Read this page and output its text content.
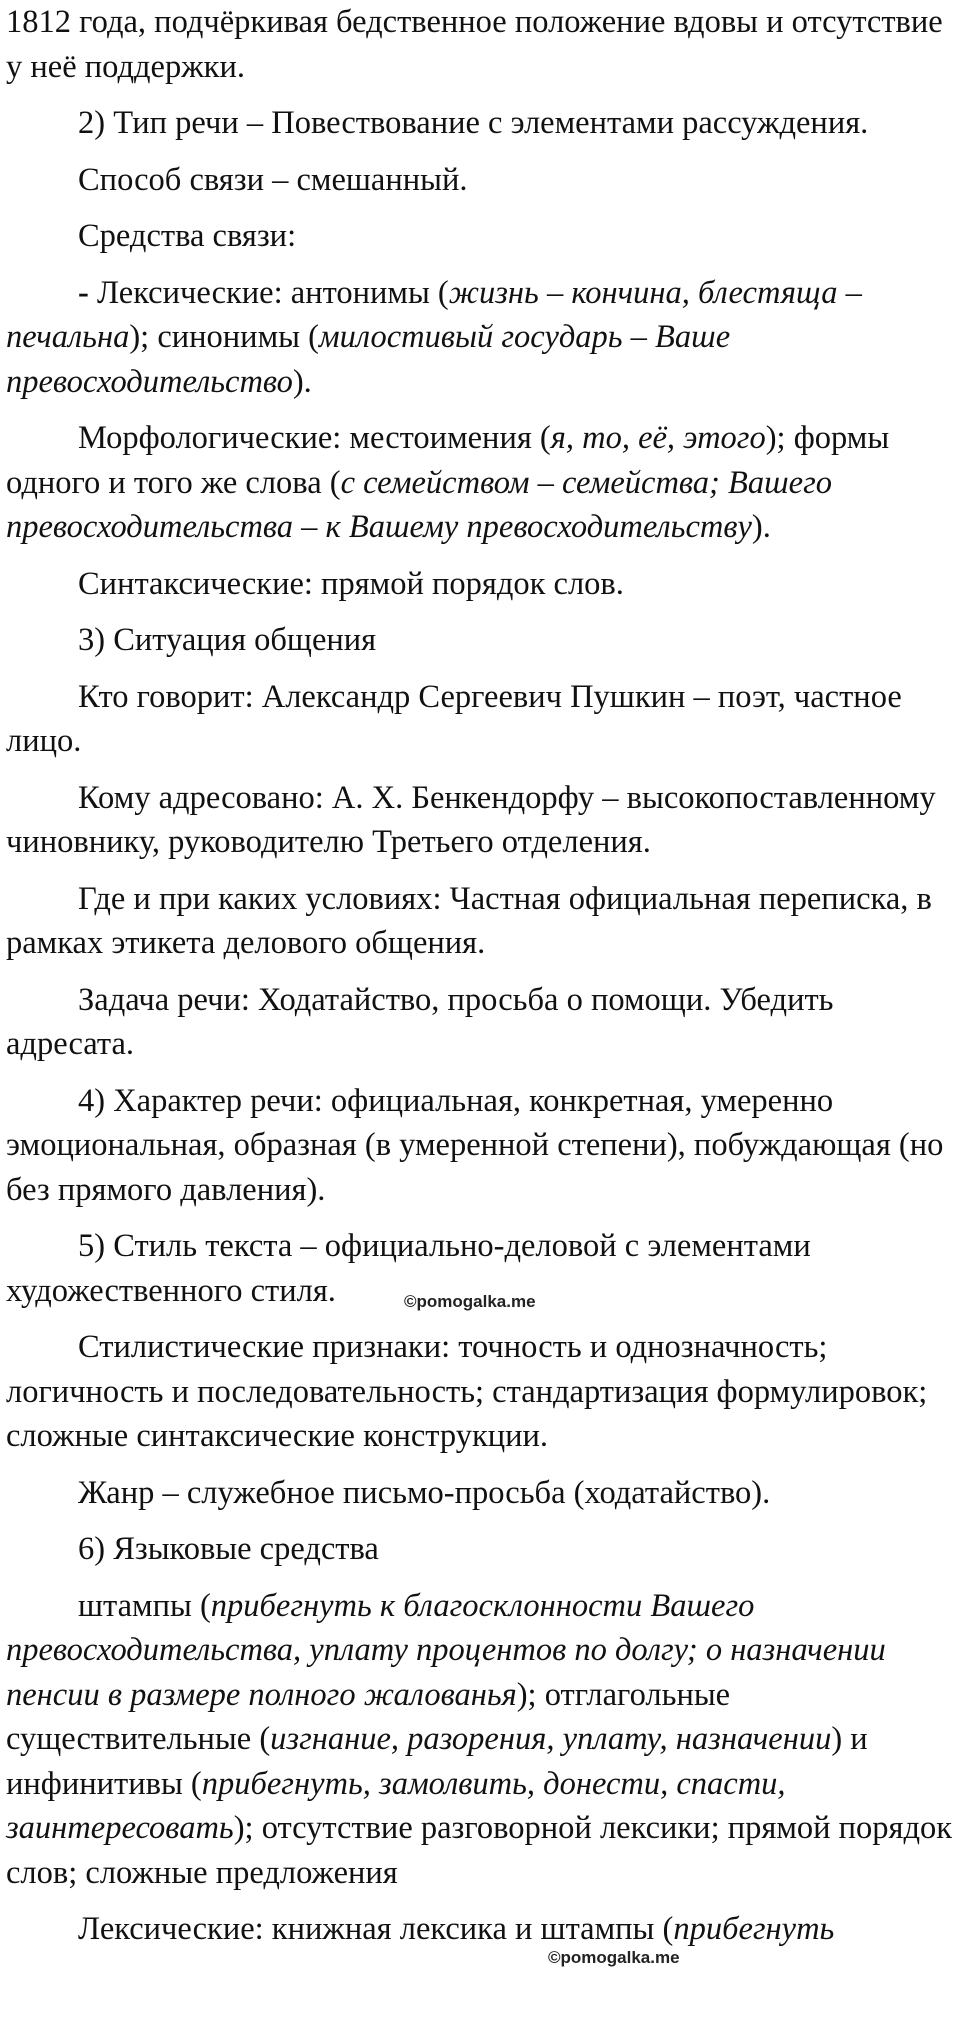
1812 года, подчёркивая бедственное положение вдовы и отсутствие у неё поддержки.

2) Тип речи – Повествование с элементами рассуждения.

Способ связи – смешанный.

Средства связи:

- Лексические: антонимы (жизнь – кончина, блестяща – печальна); синонимы (милостивый государь – Ваше превосходительство).

Морфологические: местоимения (я, то, её, этого); формы одного и того же слова (с семейством – семейства; Вашего превосходительства – к Вашему превосходительству).

Синтаксические: прямой порядок слов.

3) Ситуация общения

Кто говорит: Александр Сергеевич Пушкин – поэт, частное лицо.

Кому адресовано: А. Х. Бенкендорфу – высокопоставленному чиновнику, руководителю Третьего отделения.

Где и при каких условиях: Частная официальная переписка, в рамках этикета делового общения.

Задача речи: Ходатайство, просьба о помощи. Убедить адресата.

4) Характер речи: официальная, конкретная, умеренно эмоциональная, образная (в умеренной степени), побуждающая (но без прямого давления).

5) Стиль текста – официально-деловой с элементами художественного стиля.

Стилистические признаки: точность и однозначность; логичность и последовательность; стандартизация формулировок; сложные синтаксические конструкции.

Жанр – служебное письмо-просьба (ходатайство).

6) Языковые средства

штампы (прибегнуть к благосклонности Вашего превосходительства, уплату процентов по долгу; о назначении пенсии в размере полного жалованья); отглагольные существительные (изгнание, разорения, уплату, назначении) и инфинитивы (прибегнуть, замолвить, донести, спасти, заинтересовать); отсутствие разговорной лексики; прямой порядок слов; сложные предложения

Лексические: книжная лексика и штампы (прибегнуть

©pomogalka.me
©pomogalka.me
